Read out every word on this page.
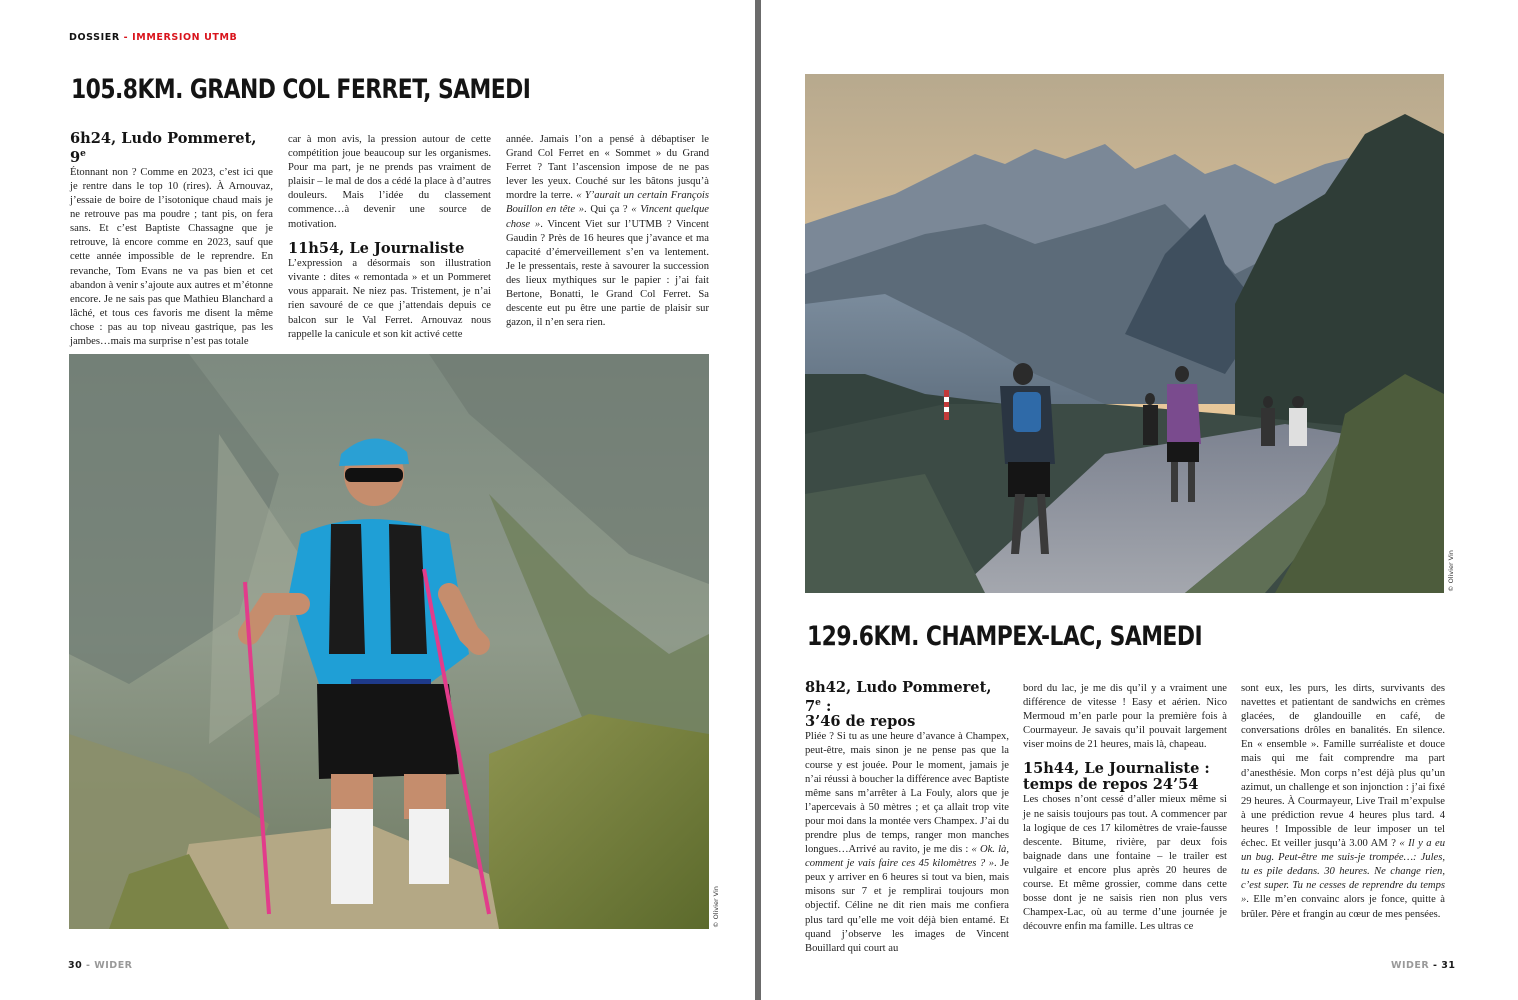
DOSSIER - IMMERSION UTMB
105.8KM. GRAND COL FERRET, SAMEDI
6h24, Ludo Pommeret, 9e

Étonnant non ? Comme en 2023, c’est ici que je rentre dans le top 10 (rires). À Arnouvaz, j’essaie de boire de l’isotonique chaud mais je ne retrouve pas ma poudre ; tant pis, on fera sans. Et c’est Baptiste Chassagne que je retrouve, là encore comme en 2023, sauf que cette année impossible de le reprendre. En revanche, Tom Evans ne va pas bien et cet abandon à venir s’ajoute aux autres et m’étonne encore. Je ne sais pas que Mathieu Blanchard a lâché, et tous ces favoris me disent la même chose : pas au top niveau gastrique, pas les jambes…mais ma surprise n’est pas totale

car à mon avis, la pression autour de cette compétition joue beaucoup sur les organismes. Pour ma part, je ne prends pas vraiment de plaisir – le mal de dos a cédé la place à d’autres douleurs. Mais l’idée du classement commence…à devenir une source de motivation.

11h54, Le Journaliste

L’expression a désormais son illustration vivante : dites « remontada » et un Pommeret vous apparait. Ne niez pas. Tristement, je n’ai rien savouré de ce que j’attendais depuis ce balcon sur le Val Ferret. Arnouvaz nous rappelle la canicule et son kit activé cette

année. Jamais l’on a pensé à débaptiser le Grand Col Ferret en « Sommet » du Grand Ferret ? Tant l’ascension impose de ne pas lever les yeux. Couché sur les bâtons jusqu’à mordre la terre. « Y’aurait un certain François Bouillon en tête ». Qui ça ? « Vincent quelque chose ». Vincent Viet sur l’UTMB ? Vincent Gaudin ? Près de 16 heures que j’avance et ma capacité d’émerveillement s’en va lentement. Je le pressentais, reste à savourer la succession des lieux mythiques sur le papier : j’ai fait Bertone, Bonatti, le Grand Col Ferret. Sa descente eut pu être une partie de plaisir sur gazon, il n’en sera rien.

© Olivier Vin
30 - WIDER
© Olivier Vin
129.6KM. CHAMPEX-LAC, SAMEDI
8h42, Ludo Pommeret, 7e :
3’46 de repos

Pliée ? Si tu as une heure d’avance à Champex, peut-être, mais sinon je ne pense pas que la course y est jouée. Pour le moment, jamais je n’ai réussi à boucher la différence avec Baptiste même sans m’arrêter à La Fouly, alors que je l’apercevais à 50 mètres ; et ça allait trop vite pour moi dans la montée vers Champex. J’ai du prendre plus de temps, ranger mon manches longues…Arrivé au ravito, je me dis : « Ok. là, comment je vais faire ces 45 kilomètres ? ». Je peux y arriver en 6 heures si tout va bien, mais misons sur 7 et je remplirai toujours mon objectif. Céline ne dit rien mais me confiera plus tard qu’elle me voit déjà bien entamé. Et quand j’observe les images de Vincent Bouillard qui court au

bord du lac, je me dis qu’il y a vraiment une différence de vitesse ! Easy et aérien. Nico Mermoud m’en parle pour la première fois à Courmayeur. Je savais qu’il pouvait largement viser moins de 21 heures, mais là, chapeau.

15h44, Le Journaliste :
temps de repos 24’54

Les choses n’ont cessé d’aller mieux même si je ne saisis toujours pas tout. A commencer par la logique de ces 17 kilomètres de vraie-fausse descente. Bitume, rivière, par deux fois baignade dans une fontaine – le trailer est vulgaire et encore plus après 20 heures de course. Et même grossier, comme dans cette bosse dont je ne saisis rien non plus vers Champex-Lac, où au terme d’une journée je découvre enfin ma famille. Les ultras ce

sont eux, les purs, les dirts, survivants des navettes et patientant de sandwichs en crèmes glacées, de glandouille en café, de conversations drôles en banalités. En silence. En « ensemble ». Famille surréaliste et douce mais qui me fait comprendre ma part d’anesthésie. Mon corps n’est déjà plus qu’un azimut, un challenge et son injonction : j’ai fixé 29 heures. À Courmayeur, Live Trail m’expulse à une prédiction revue 4 heures plus tard. 4 heures ! Impossible de leur imposer un tel échec. Et veiller jusqu’à 3.00 AM ? « Il y a eu un bug. Peut-être me suis-je trompée…: Jules, tu es pile dedans. 30 heures. Ne change rien, c’est super. Tu ne cesses de reprendre du temps ». Elle m’en convainc alors je fonce, quitte à brûler. Père et frangin au cœur de mes pensées.

WIDER - 31
